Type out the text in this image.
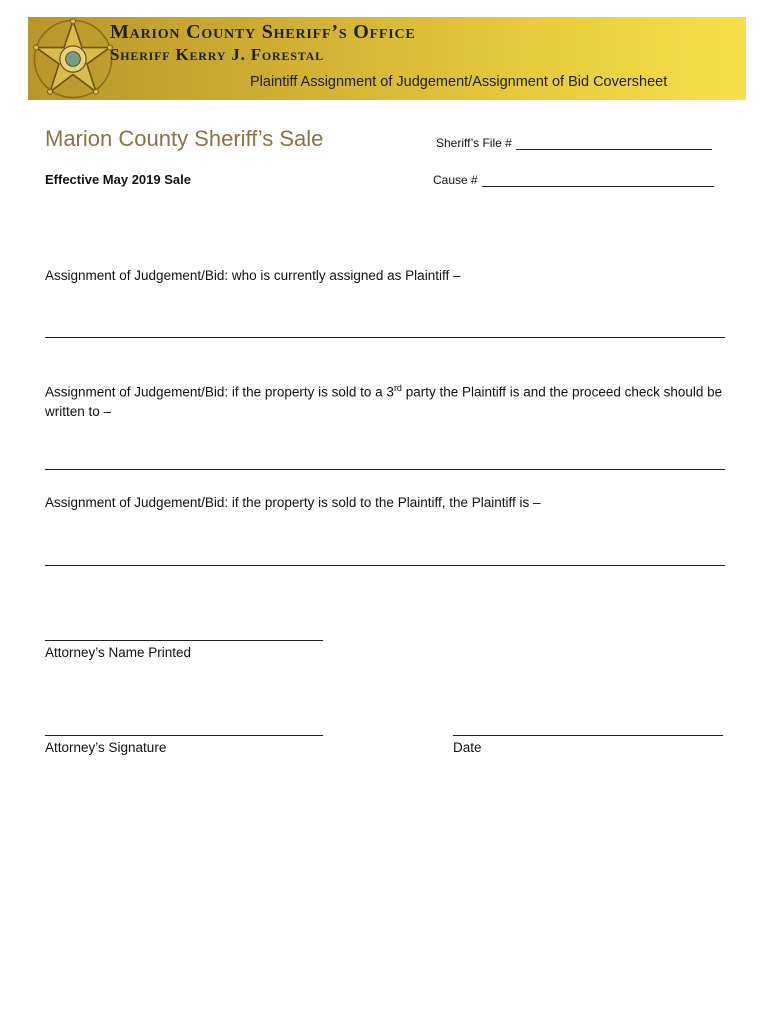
Marion County Sheriff’s Office
Sheriff Kerry J. Forestal
Plaintiff Assignment of Judgement/Assignment of Bid Coversheet
Marion County Sheriff’s Sale
Effective May 2019 Sale
Sheriff’s File #
Cause #
Assignment of Judgement/Bid: who is currently assigned as Plaintiff –
Assignment of Judgement/Bid: if the property is sold to a 3rd party the Plaintiff is and the proceed check should be written to –
Assignment of Judgement/Bid: if the property is sold to the Plaintiff, the Plaintiff is –
Attorney’s Name Printed
Attorney’s Signature	Date
